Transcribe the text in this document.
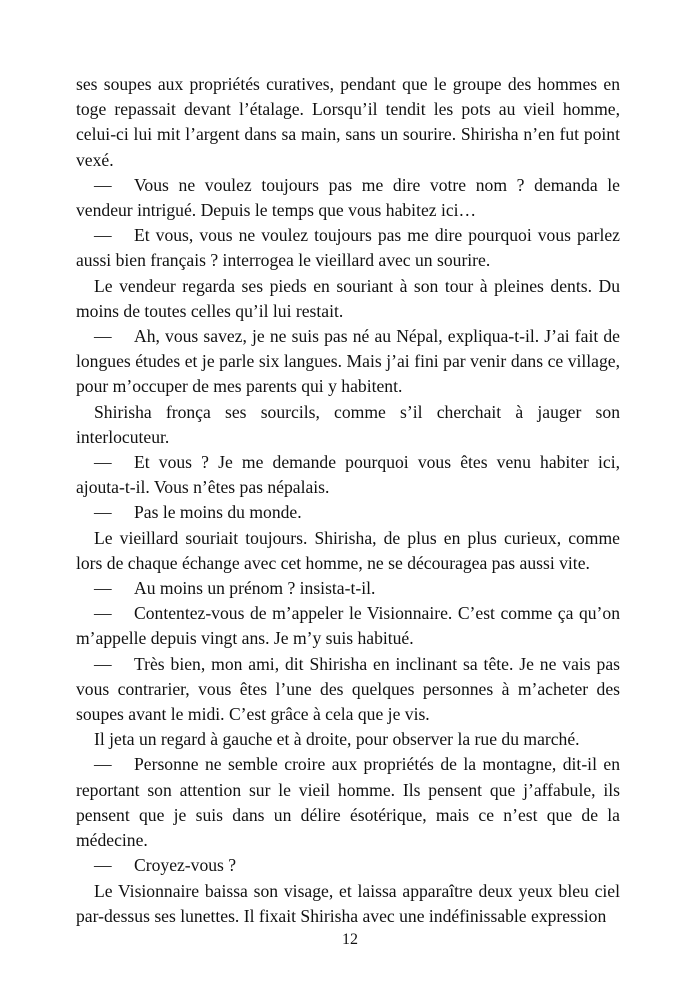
ses soupes aux propriétés curatives, pendant que le groupe des hommes en toge repassait devant l’étalage. Lorsqu’il tendit les pots au vieil homme, celui-ci lui mit l’argent dans sa main, sans un sourire. Shirisha n’en fut point vexé.

— Vous ne voulez toujours pas me dire votre nom ? demanda le vendeur intrigué. Depuis le temps que vous habitez ici…

— Et vous, vous ne voulez toujours pas me dire pourquoi vous parlez aussi bien français ? interrogea le vieillard avec un sourire.

Le vendeur regarda ses pieds en souriant à son tour à pleines dents. Du moins de toutes celles qu’il lui restait.

— Ah, vous savez, je ne suis pas né au Népal, expliqua-t-il. J’ai fait de longues études et je parle six langues. Mais j’ai fini par venir dans ce village, pour m’occuper de mes parents qui y habitent.

Shirisha fronça ses sourcils, comme s’il cherchait à jauger son interlocuteur.

— Et vous ? Je me demande pourquoi vous êtes venu habiter ici, ajouta-t-il. Vous n’êtes pas népalais.

— Pas le moins du monde.

Le vieillard souriait toujours. Shirisha, de plus en plus curieux, comme lors de chaque échange avec cet homme, ne se découragea pas aussi vite.

— Au moins un prénom ? insista-t-il.

— Contentez-vous de m’appeler le Visionnaire. C’est comme ça qu’on m’appelle depuis vingt ans. Je m’y suis habitué.

— Très bien, mon ami, dit Shirisha en inclinant sa tête. Je ne vais pas vous contrarier, vous êtes l’une des quelques personnes à m’acheter des soupes avant le midi. C’est grâce à cela que je vis.

Il jeta un regard à gauche et à droite, pour observer la rue du marché.

— Personne ne semble croire aux propriétés de la montagne, dit-il en reportant son attention sur le vieil homme. Ils pensent que j’affabule, ils pensent que je suis dans un délire ésotérique, mais ce n’est que de la médecine.

— Croyez-vous ?

Le Visionnaire baissa son visage, et laissa apparaître deux yeux bleu ciel par-dessus ses lunettes. Il fixait Shirisha avec une indéfinissable expression

12
